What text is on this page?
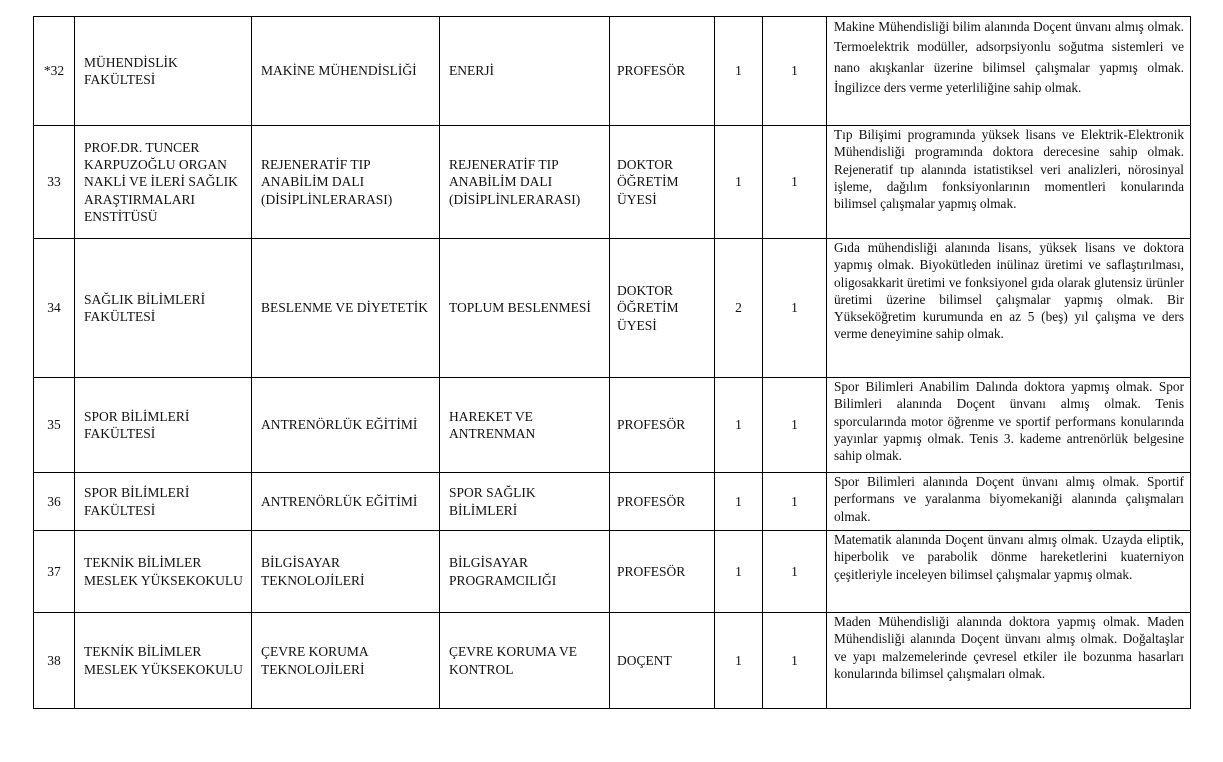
*32	MÜHENDİSLİK FAKÜLTESİ	MAKİNE MÜHENDİSLİĞİ	ENERJİ	PROFESÖR	1	1	Makine Mühendisliği bilim alanında Doçent ünvanı almış olmak. Termoelektrik modüller, adsorpsiyonlu soğutma sistemleri ve nano akışkanlar üzerine bilimsel çalışmalar yapmış olmak. İngilizce ders verme yeterliliğine sahip olmak.
33	PROF.DR. TUNCER KARPUZOĞLU ORGAN NAKLİ VE İLERİ SAĞLIK ARAŞTIRMALARI ENSTİTÜSÜ	REJENERATİF TIP ANABİLİM DALI (DİSİPLİNLERARASI)	REJENERATİF TIP ANABİLİM DALI (DİSİPLİNLERARASI)	DOKTOR ÖĞRETİM ÜYESİ	1	1	Tıp Bilişimi programında yüksek lisans ve Elektrik-Elektronik Mühendisliği programında doktora derecesine sahip olmak. Rejeneratif tıp alanında istatistiksel veri analizleri, nörosinyal işleme, dağılım fonksiyonlarının momentleri konularında bilimsel çalışmalar yapmış olmak.
34	SAĞLIK BİLİMLERİ FAKÜLTESİ	BESLENME VE DİYETETİK	TOPLUM BESLENMESİ	DOKTOR ÖĞRETİM ÜYESİ	2	1	Gıda mühendisliği alanında lisans, yüksek lisans ve doktora yapmış olmak. Biyokütleden inülinaz üretimi ve saflaştırılması, oligosakkarit üretimi ve fonksiyonel gıda olarak glutensiz ürünler üretimi üzerine bilimsel çalışmalar yapmış olmak. Bir Yükseköğretim kurumunda en az 5 (beş) yıl çalışma ve ders verme deneyimine sahip olmak.
35	SPOR BİLİMLERİ FAKÜLTESİ	ANTRENÖRLÜK EĞİTİMİ	HAREKET VE ANTRENMAN	PROFESÖR	1	1	Spor Bilimleri Anabilim Dalında doktora yapmış olmak. Spor Bilimleri alanında Doçent ünvanı almış olmak. Tenis sporcularında motor öğrenme ve sportif performans konularında yayınlar yapmış olmak. Tenis 3. kademe antrenörlük belgesine sahip olmak.
36	SPOR BİLİMLERİ FAKÜLTESİ	ANTRENÖRLÜK EĞİTİMİ	SPOR SAĞLIK BİLİMLERİ	PROFESÖR	1	1	Spor Bilimleri alanında Doçent ünvanı almış olmak. Sportif performans ve yaralanma biyomekaniği alanında çalışmaları olmak.
37	TEKNİK BİLİMLER MESLEK YÜKSEKOKULU	BİLGİSAYAR TEKNOLOJİLERİ	BİLGİSAYAR PROGRAMCILIĞI	PROFESÖR	1	1	Matematik alanında Doçent ünvanı almış olmak. Uzayda eliptik, hiperbolik ve parabolik dönme hareketlerini kuaterniyon çeşitleriyle inceleyen bilimsel çalışmalar yapmış olmak.
38	TEKNİK BİLİMLER MESLEK YÜKSEKOKULU	ÇEVRE KORUMA TEKNOLOJİLERİ	ÇEVRE KORUMA VE KONTROL	DOÇENT	1	1	Maden Mühendisliği alanında doktora yapmış olmak. Maden Mühendisliği alanında Doçent ünvanı almış olmak. Doğaltaşlar ve yapı malzemelerinde çevresel etkiler ile bozunma hasarları konularında bilimsel çalışmaları olmak.
